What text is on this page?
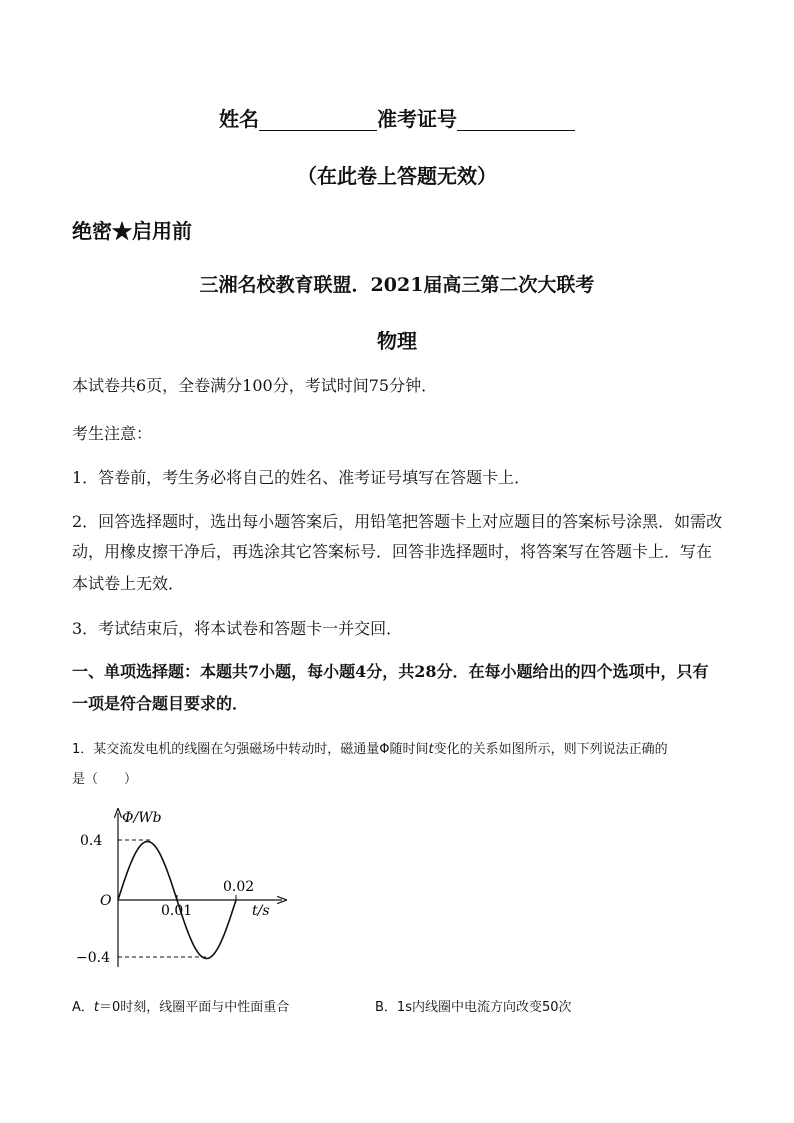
姓名	准考证号
（在此卷上答题无效）
绝密★启用前
三湘名校教育联盟．2021届高三第二次大联考
物理
本试卷共6页，全卷满分100分，考试时间75分钟．
考生注意：
1．答卷前，考生务必将自己的姓名、准考证号填写在答题卡上．
2．回答选择题时，选出每小题答案后，用铅笔把答题卡上对应题目的答案标号涂黑．如需改
动，用橡皮擦干净后，再选涂其它答案标号．回答非选择题时，将答案写在答题卡上．写在
本试卷上无效．
3．考试结束后，将本试卷和答题卡一并交回．
一、单项选择题：本题共7小题，每小题4分，共28分．在每小题给出的四个选项中，只有
一项是符合题目要求的．
1．某交流发电机的线圈在匀强磁场中转动时，磁通量Φ随时间t变化的关系如图所示，则下列说法正确的
是（　　）
Φ/Wb
0.4
−0.4
O
0.01
0.02
t/s
A．t＝0时刻，线圈平面与中性面重合	B．1s内线圈中电流方向改变50次
